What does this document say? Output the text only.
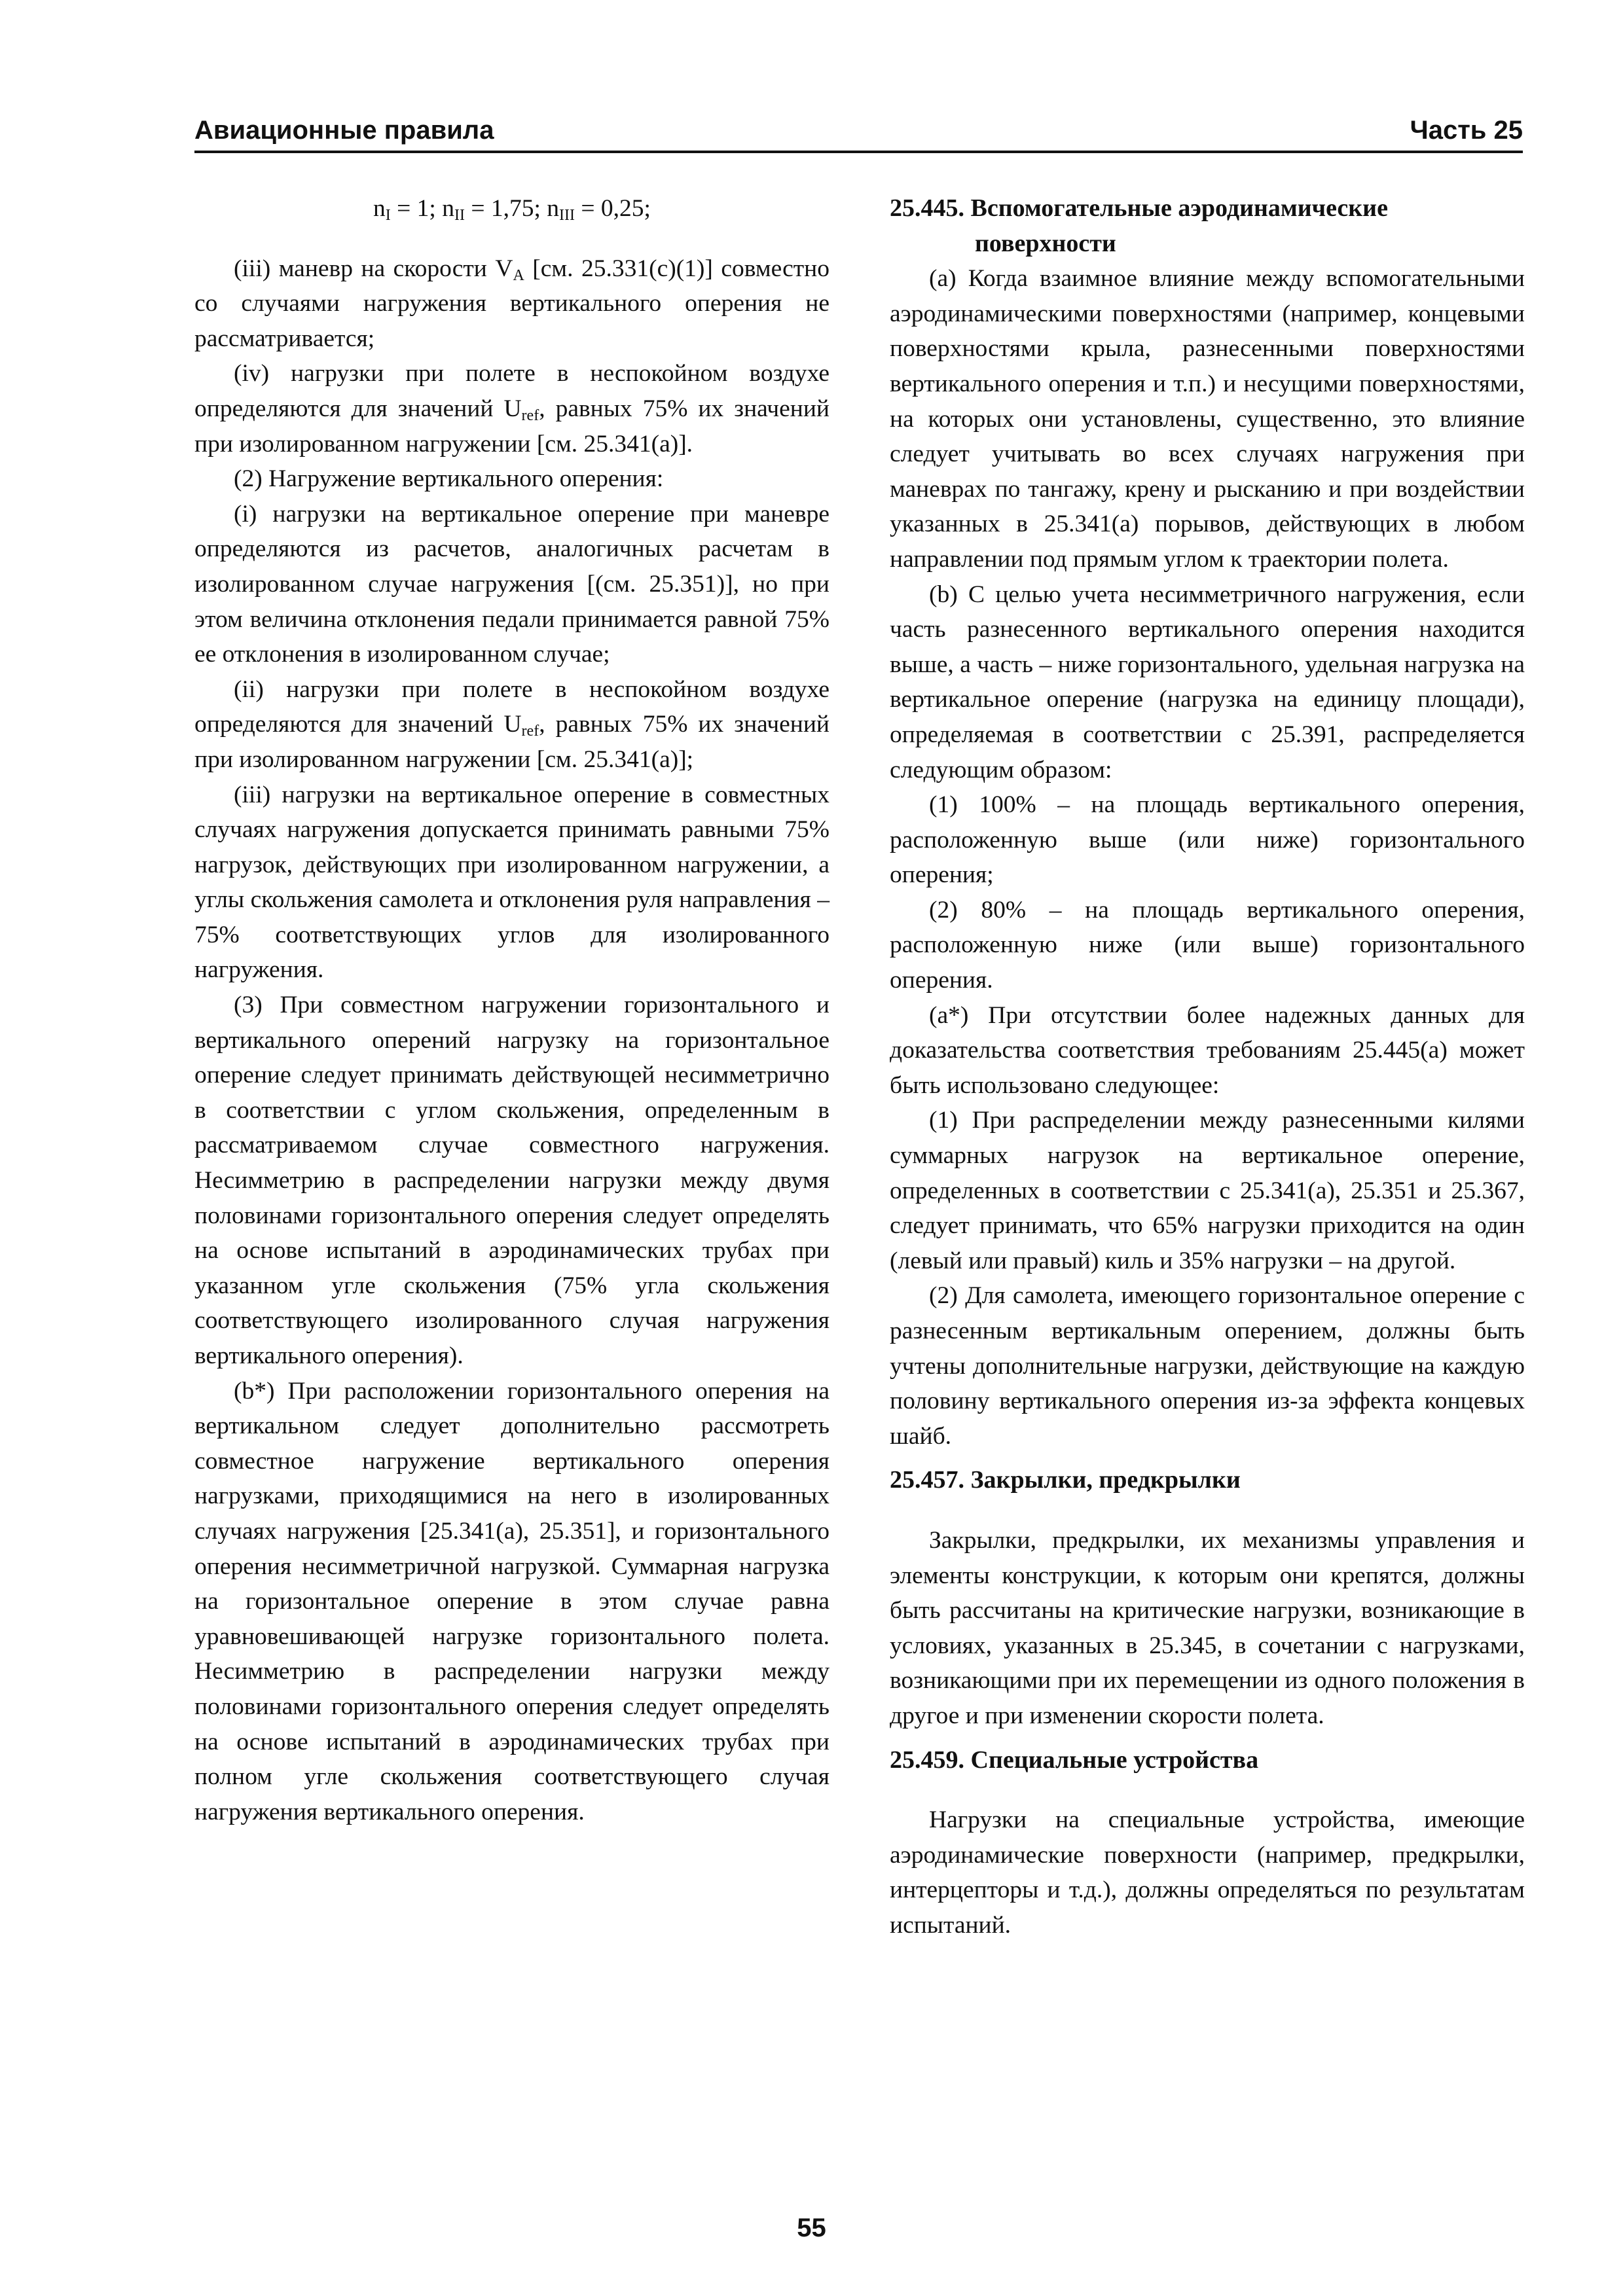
Авиационные правила	Часть 25

$n_I = 1$; $n_{II} = 1,75$; $n_{III} = 0,25$;

(iii) маневр на скорости $V_A$ [см. 25.331(c)(1)] совместно со случаями нагружения вертикального оперения не рассматривается;

(iv) нагрузки при полете в неспокойном воздухе определяются для значений $U_{ref}$, равных 75% их значений при изолированном нагружении [см. 25.341(a)].

(2) Нагружение вертикального оперения:

(i) нагрузки на вертикальное оперение при маневре определяются из расчетов, аналогичных расчетам в изолированном случае нагружения [(см. 25.351)], но при этом величина отклонения педали принимается равной 75% ее отклонения в изолированном случае;

(ii) нагрузки при полете в неспокойном воздухе определяются для значений $U_{ref}$, равных 75% их значений при изолированном нагружении [см. 25.341(a)];

(iii) нагрузки на вертикальное оперение в совместных случаях нагружения допускается принимать равными 75% нагрузок, действующих при изолированном нагружении, а углы скольжения самолета и отклонения руля направления – 75% соответствующих углов для изолированного нагружения.

(3) При совместном нагружении горизонтального и вертикального оперений нагрузку на горизонтальное оперение следует принимать действующей несимметрично в соответствии с углом скольжения, определенным в рассматриваемом случае совместного нагружения. Несимметрию в распределении нагрузки между двумя половинами горизонтального оперения следует определять на основе испытаний в аэродинамических трубах при указанном угле скольжения (75% угла скольжения соответствующего изолированного случая нагружения вертикального оперения).

(b*) При расположении горизонтального оперения на вертикальном следует дополнительно рассмотреть совместное нагружение вертикального оперения нагрузками, приходящимися на него в изолированных случаях нагружения [25.341(a), 25.351], и горизонтального оперения несимметричной нагрузкой. Суммарная нагрузка на горизонтальное оперение в этом случае равна уравновешивающей нагрузке горизонтального полета. Несимметрию в распределении нагрузки между половинами горизонтального оперения следует определять на основе испытаний в аэродинамических трубах при полном угле скольжения соответствующего случая нагружения вертикального оперения.

25.445. Вспомогательные аэродинамические
поверхности

(a) Когда взаимное влияние между вспомогательными аэродинамическими поверхностями (например, концевыми поверхностями крыла, разнесенными поверхностями вертикального оперения и т.п.) и несущими поверхностями, на которых они установлены, существенно, это влияние следует учитывать во всех случаях нагружения при маневрах по тангажу, крену и рысканию и при воздействии указанных в 25.341(a) порывов, действующих в любом направлении под прямым углом к траектории полета.

(b) С целью учета несимметричного нагружения, если часть разнесенного вертикального оперения находится выше, а часть – ниже горизонтального, удельная нагрузка на вертикальное оперение (нагрузка на единицу площади), определяемая в соответствии с 25.391, распределяется следующим образом:

(1) 100% – на площадь вертикального оперения, расположенную выше (или ниже) горизонтального оперения;

(2) 80% – на площадь вертикального оперения, расположенную ниже (или выше) горизонтального оперения.

(a*) При отсутствии более надежных данных для доказательства соответствия требованиям 25.445(a) может быть использовано следующее:

(1) При распределении между разнесенными килями суммарных нагрузок на вертикальное оперение, определенных в соответствии с 25.341(a), 25.351 и 25.367, следует принимать, что 65% нагрузки приходится на один (левый или правый) киль и 35% нагрузки – на другой.

(2) Для самолета, имеющего горизонтальное оперение с разнесенным вертикальным оперением, должны быть учтены дополнительные нагрузки, действующие на каждую половину вертикального оперения из-за эффекта концевых шайб.

25.457. Закрылки, предкрылки

Закрылки, предкрылки, их механизмы управления и элементы конструкции, к которым они крепятся, должны быть рассчитаны на критические нагрузки, возникающие в условиях, указанных в 25.345, в сочетании с нагрузками, возникающими при их перемещении из одного положения в другое и при изменении скорости полета.

25.459. Специальные устройства

Нагрузки на специальные устройства, имеющие аэродинамические поверхности (например, предкрылки, интерцепторы и т.д.), должны определяться по результатам испытаний.

55
